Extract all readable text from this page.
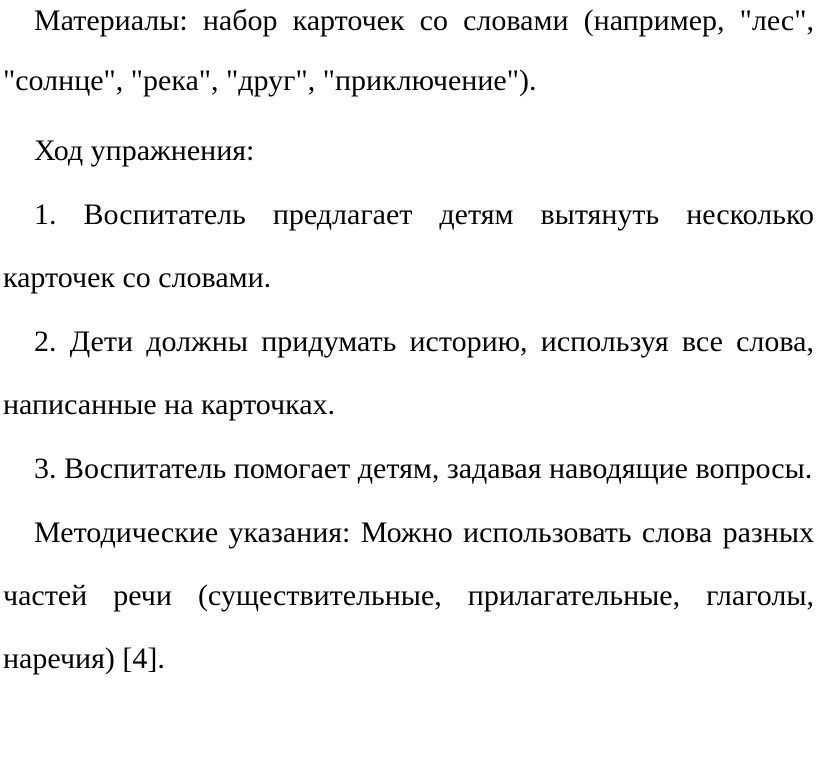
Материалы: набор карточек со словами (например, "лес", "солнце", "река", "друг", "приключение").

Ход упражнения:

1. Воспитатель предлагает детям вытянуть несколько карточек со словами.

2. Дети должны придумать историю, используя все слова, написанные на карточках.

3. Воспитатель помогает детям, задавая наводящие вопросы.

Методические указания: Можно использовать слова разных частей речи (существительные, прилагательные, глаголы, наречия) [4].
